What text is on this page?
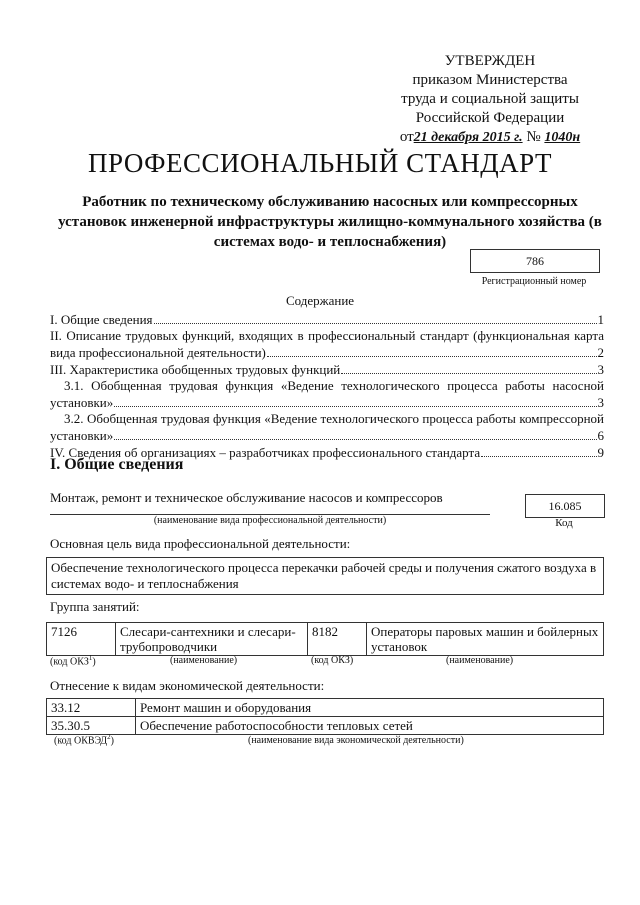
УТВЕРЖДЕН
приказом Министерства
труда и социальной защиты
Российской Федерации
от21 декабря 2015 г. № 1040н
ПРОФЕССИОНАЛЬНЫЙ СТАНДАРТ
Работник по техническому обслуживанию насосных или компрессорных установок инженерной инфраструктуры жилищно-коммунального хозяйства (в системах водо- и теплоснабжения)
786
Регистрационный номер
Содержание
I. Общие сведения	1
II. Описание трудовых функций, входящих в профессиональный стандарт (функциональная карта
вида профессиональной деятельности)	2
III. Характеристика обобщенных трудовых функций	3
3.1. Обобщенная трудовая функция «Ведение технологического процесса работы насосной
установки»	3
3.2. Обобщенная трудовая функция «Ведение технологического процесса работы компрессорной
установки»	6
IV. Сведения об организациях – разработчиках профессионального стандарта	9
I. Общие сведения
Монтаж, ремонт и техническое обслуживание насосов и компрессоров
(наименование вида профессиональной деятельности)
16.085
Код
Основная цель вида профессиональной деятельности:
Обеспечение технологического процесса перекачки рабочей среды и получения сжатого воздуха в системах водо- и теплоснабжения
Группа занятий:
7126	Слесари-сантехники и слесари-трубопроводчики	8182	Операторы паровых машин и бойлерных установок
(код ОКЗ$^1$)	(наименование)	(код ОКЗ)	(наименование)
Отнесение к видам экономической деятельности:
33.12	Ремонт машин и оборудования
35.30.5	Обеспечение работоспособности тепловых сетей
(код ОКВЭД$^2$)	(наименование вида экономической деятельности)
